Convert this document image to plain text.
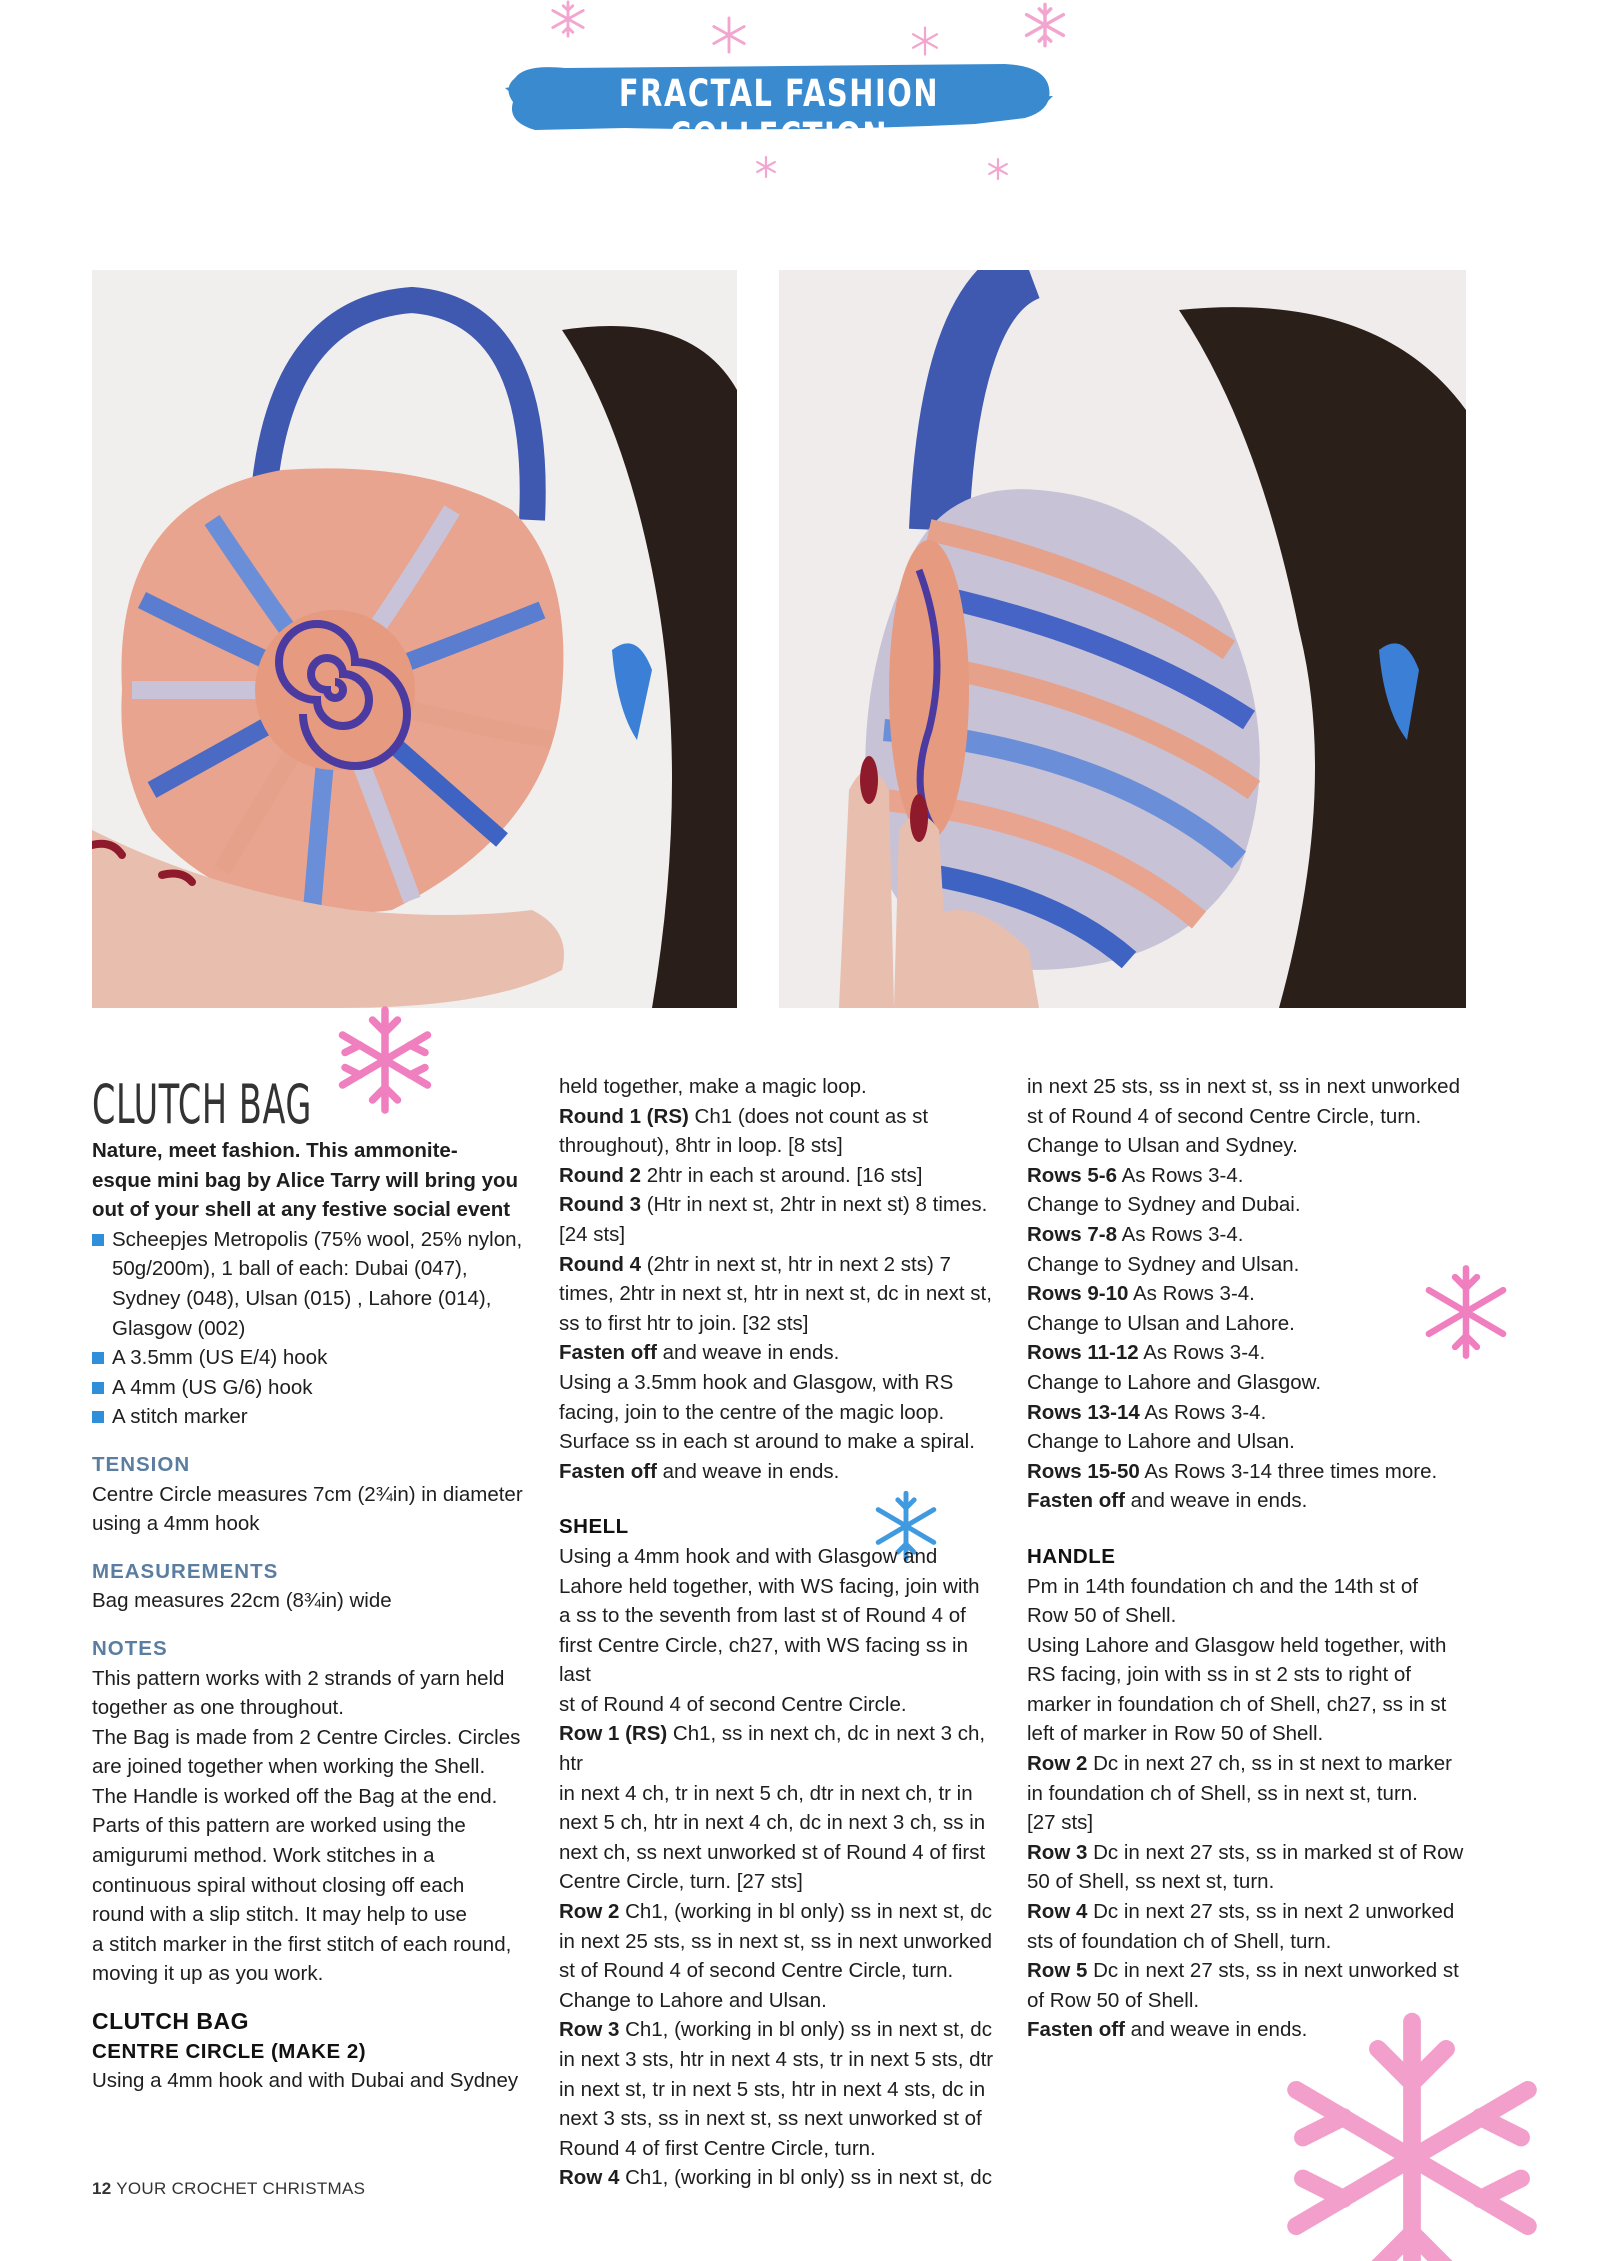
FRACTAL FASHION COLLECTION
CLUTCH BAG
Nature, meet fashion. This ammonite-
esque mini bag by Alice Tarry will bring you
out of your shell at any festive social event
Scheepjes Metropolis (75% wool, 25% nylon,
50g/200m), 1 ball of each: Dubai (047),
Sydney (048), Ulsan (015) , Lahore (014),
Glasgow (002)
A 3.5mm (US E/4) hook
A 4mm (US G/6) hook
A stitch marker
TENSION
Centre Circle measures 7cm (2¾in) in diameter
using a 4mm hook
MEASUREMENTS
Bag measures 22cm (8¾in) wide
NOTES
This pattern works with 2 strands of yarn held
together as one throughout.
The Bag is made from 2 Centre Circles. Circles
are joined together when working the Shell.
The Handle is worked off the Bag at the end.
Parts of this pattern are worked using the
amigurumi method. Work stitches in a
continuous spiral without closing off each
round with a slip stitch. It may help to use
a stitch marker in the first stitch of each round,
moving it up as you work.
CLUTCH BAG
CENTRE CIRCLE (MAKE 2)
Using a 4mm hook and with Dubai and Sydney
held together, make a magic loop.
Round 1 (RS) Ch1 (does not count as st
throughout), 8htr in loop. [8 sts]
Round 2 2htr in each st around. [16 sts]
Round 3 (Htr in next st, 2htr in next st) 8 times.
[24 sts]
Round 4 (2htr in next st, htr in next 2 sts) 7
times, 2htr in next st, htr in next st, dc in next st,
ss to first htr to join. [32 sts]
Fasten off and weave in ends.
Using a 3.5mm hook and Glasgow, with RS
facing, join to the centre of the magic loop.
Surface ss in each st around to make a spiral.
Fasten off and weave in ends.
SHELL
Using a 4mm hook and with Glasgow and
Lahore held together, with WS facing, join with
a ss to the seventh from last st of Round 4 of
first Centre Circle, ch27, with WS facing ss in last
st of Round 4 of second Centre Circle.
Row 1 (RS) Ch1, ss in next ch, dc in next 3 ch, htr
in next 4 ch, tr in next 5 ch, dtr in next ch, tr in
next 5 ch, htr in next 4 ch, dc in next 3 ch, ss in
next ch, ss next unworked st of Round 4 of first
Centre Circle, turn. [27 sts]
Row 2 Ch1, (working in bl only) ss in next st, dc
in next 25 sts, ss in next st, ss in next unworked
st of Round 4 of second Centre Circle, turn.
Change to Lahore and Ulsan.
Row 3 Ch1, (working in bl only) ss in next st, dc
in next 3 sts, htr in next 4 sts, tr in next 5 sts, dtr
in next st, tr in next 5 sts, htr in next 4 sts, dc in
next 3 sts, ss in next st, ss next unworked st of
Round 4 of first Centre Circle, turn.
Row 4 Ch1, (working in bl only) ss in next st, dc
in next 25 sts, ss in next st, ss in next unworked
st of Round 4 of second Centre Circle, turn.
Change to Ulsan and Sydney.
Rows 5-6 As Rows 3-4.
Change to Sydney and Dubai.
Rows 7-8 As Rows 3-4.
Change to Sydney and Ulsan.
Rows 9-10 As Rows 3-4.
Change to Ulsan and Lahore.
Rows 11-12 As Rows 3-4.
Change to Lahore and Glasgow.
Rows 13-14 As Rows 3-4.
Change to Lahore and Ulsan.
Rows 15-50 As Rows 3-14 three times more.
Fasten off and weave in ends.
HANDLE
Pm in 14th foundation ch and the 14th st of
Row 50 of Shell.
Using Lahore and Glasgow held together, with
RS facing, join with ss in st 2 sts to right of
marker in foundation ch of Shell, ch27, ss in st
left of marker in Row 50 of Shell.
Row 2 Dc in next 27 ch, ss in st next to marker
in foundation ch of Shell, ss in next st, turn.
[27 sts]
Row 3 Dc in next 27 sts, ss in marked st of Row
50 of Shell, ss next st, turn.
Row 4 Dc in next 27 sts, ss in next 2 unworked
sts of foundation ch of Shell, turn.
Row 5 Dc in next 27 sts, ss in next unworked st
of Row 50 of Shell.
Fasten off and weave in ends.
12 YOUR CROCHET CHRISTMAS
